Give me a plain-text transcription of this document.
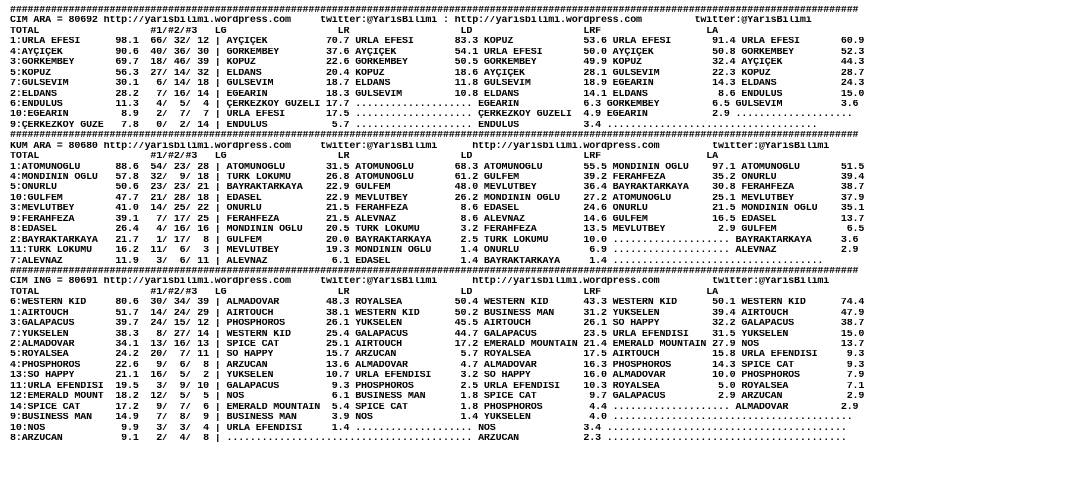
#################################################################################################################################################
CIM ARA = 80692 http://yarisbilimi.wordpress.com     twitter:@YarisBilimi : http://yarisbilimi.wordpress.com         twitter:@YarisBilimi
TOTAL                   #1/#2/#3   LG                   LR                   LD                   LRF                  LA
1:URLA EFESİ      98.1  66/ 32/ 12 | AYÇİÇEK          70.7 URLA EFESİ       83.3 KOPUZ            53.6 URLA EFESİ       91.4 URLA EFESİ       60.9
4:AYÇİÇEK         90.6  40/ 36/ 30 | GÖRKEMBEY        37.6 AYÇİÇEK          54.1 URLA EFESİ       50.0 AYÇİÇEK          50.8 GÖRKEMBEY        52.3
3:GÖRKEMBEY       69.7  18/ 46/ 39 | KOPUZ            22.6 GÖRKEMBEY        50.5 GÖRKEMBEY        49.9 KOPUZ            32.4 AYÇİÇEK          44.3
5:KOPUZ           56.3  27/ 14/ 32 | ELDANS           20.4 KOPUZ            18.6 AYÇİÇEK          28.1 GÜLSEVİM         22.3 KOPUZ            28.7
7:GÜLSEVİM        30.1   6/ 14/ 18 | GÜLSEVİM         18.7 ELDANS           11.8 GÜLSEVİM         18.9 EGEARIN          14.3 ELDANS           24.3
2:ELDANS          28.2   7/ 16/ 14 | EGEARIN          18.3 GÜLSEVİM         10.8 ELDANS           14.1 ELDANS            8.6 ENDÜLÜS          15.0
6:ENDÜLÜS         11.3   4/  5/  4 | ÇERKEZKÖY GÜZELİ 17.7 .................... EGEARIN           6.3 GÖRKEMBEY         6.5 GÜLSEVİM          3.6
10:EGEARIN         8.9   2/  7/  7 | URLA EFESİ       17.5 .................... ÇERKEZKÖY GÜZELİ  4.9 EGEARIN           2.9 ....................
9:ÇERKEZKÖY GÜZE   7.8   0/  2/ 14 | ENDÜLÜS           5.7 .................... ENDÜLÜS           3.4 ....................................
#################################################################################################################################################
KUM ARA = 80680 http://yarisbilimi.wordpress.com     twitter:@YarisBilimi      http://yarisbilimi.wordpress.com         twitter:@YarisBilimi
TOTAL                   #1/#2/#3   LG                   LR                   LD                   LRF                  LA
1:ATOMUNOĞLU      88.6  54/ 23/ 28 | ATOMUNOĞLU       31.5 ATOMUNOĞLU       68.3 ATOMUNOĞLU       55.5 MONDİNİN OĞLU    97.1 ATOMUNOĞLU       51.5
4:MONDİNİN OĞLU   57.8  32/  9/ 18 | TÜRK LOKUMU      26.8 ATOMUNOĞLU       61.2 GÜLFEM           39.2 FERAHFEZA        35.2 ONURLU           39.4
5:ONURLU          50.6  23/ 23/ 21 | BAYRAKTARKAYA    22.9 GÜLFEM           48.0 MEVLÜTBEY        36.4 BAYRAKTARKAYA    30.8 FERAHFEZA        38.7
10:GÜLFEM         47.7  21/ 28/ 18 | EDASEL           22.9 MEVLÜTBEY        26.2 MONDİNİN OĞLU    27.2 ATOMUNOĞLU       25.1 MEVLÜTBEY        37.9
3:MEVLÜTBEY       41.0  14/ 25/ 22 | ONURLU           21.5 FERAHFEZA         8.6 EDASEL           24.6 ONURLU           21.5 MONDİNİN OĞLU    35.1
9:FERAHFEZA       39.1   7/ 17/ 25 | FERAHFEZA        21.5 ALEVNAZ           8.6 ALEVNAZ          14.6 GÜLFEM           16.5 EDASEL           13.7
8:EDASEL          26.4   4/ 16/ 16 | MONDİNİN OĞLU    20.5 TÜRK LOKUMU       3.2 FERAHFEZA        13.5 MEVLÜTBEY         2.9 GÜLFEM            6.5
2:BAYRAKTARKAYA   21.7   1/ 17/  8 | GÜLFEM           20.0 BAYRAKTARKAYA     2.5 TÜRK LOKUMU      10.0 .................... BAYRAKTARKAYA     3.6
11:TÜRK LOKUMU    16.2  11/  6/  3 | MEVLÜTBEY        19.3 MONDİNİN OĞLU     1.4 ONURLU            6.9 .................... ALEVNAZ           2.9
7:ALEVNAZ         11.9   3/  6/ 11 | ALEVNAZ           6.1 EDASEL            1.4 BAYRAKTARKAYA     1.4 ....................................
#################################################################################################################################################
CIM ING = 80691 http://yarisbilimi.wordpress.com     twitter:@YarisBilimi      http://yarisbilimi.wordpress.com         twitter:@YarisBilimi
TOTAL                   #1/#2/#3   LG                   LR                   LD                   LRF                  LA
6:WESTERN KID     80.6  30/ 34/ 39 | ALMADOVAR        48.3 ROYALSEA         50.4 WESTERN KID      43.3 WESTERN KID      50.1 WESTERN KID      74.4
1:AIRTOUCH        51.7  14/ 24/ 29 | AIRTOUCH         38.1 WESTERN KID      50.2 BUSINESS MAN     31.2 YÜKSELEN         39.4 AIRTOUCH         47.9
3:GALAPACUS       39.7  24/ 15/ 12 | PHOSPHOROS       26.1 YÜKSELEN         45.5 AIRTOUCH         26.1 SO HAPPY         32.2 GALAPACUS        38.7
7:YÜKSELEN        38.3   8/ 27/ 14 | WESTERN KID      25.4 GALAPACUS        44.7 GALAPACUS        23.5 URLA EFENDİSİ    31.5 YÜKSELEN         15.0
2:ALMADOVAR       34.1  13/ 16/ 13 | SPICE CAT        25.1 AIRTOUCH         17.2 EMERALD MOUNTAIN 21.4 EMERALD MOUNTAIN 27.9 NOS              13.7
5:ROYALSEA        24.2  20/  7/ 11 | SO HAPPY         15.7 ARZUCAN           5.7 ROYALSEA         17.5 AIRTOUCH         15.8 URLA EFENDİSİ     9.3
4:PHOSPHOROS      22.6   9/  6/  8 | ARZUCAN          13.6 ALMADOVAR         4.7 ALMADOVAR        16.3 PHOSPHOROS       14.3 SPICE CAT         9.3
13:SO HAPPY       21.1  16/  5/  2 | YÜKSELEN         10.7 URLA EFENDİSİ     3.2 SO HAPPY         16.0 ALMADOVAR        10.0 PHOSPHOROS        7.9
11:URLA EFENDİSİ  19.5   3/  9/ 10 | GALAPACUS         9.3 PHOSPHOROS        2.5 URLA EFENDİSİ    10.3 ROYALSEA          5.0 ROYALSEA          7.1
12:EMERALD MOUNT  18.2  12/  5/  5 | NOS               6.1 BUSINESS MAN      1.8 SPICE CAT         9.7 GALAPACUS         2.9 ARZUCAN           2.9
14:SPICE CAT      17.2   9/  7/  6 | EMERALD MOUNTAIN  5.4 SPICE CAT         1.8 PHOSPHOROS        4.4 .................... ALMADOVAR         2.9
9:BUSINESS MAN    14.9   7/  8/  9 | BUSINESS MAN      3.9 NOS               1.4 YÜKSELEN          4.0 .........................................
10:NOS             9.9   3/  3/  4 | URLA EFENDİSİ     1.4 .................... NOS               3.4 .........................................
8:ARZUCAN          9.1   2/  4/  8 | .......................................... ARZUCAN           2.3 .........................................
